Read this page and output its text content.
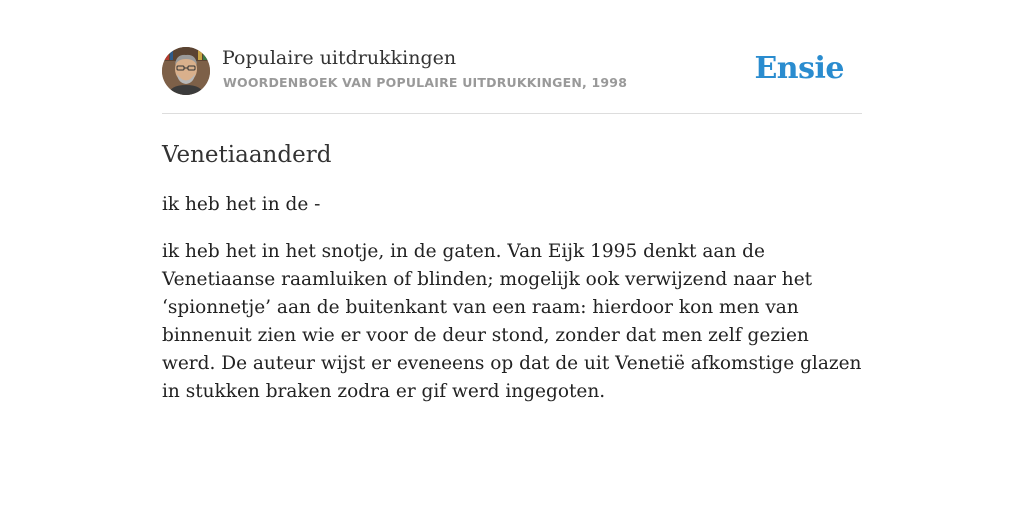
Populaire uitdrukkingen
WOORDENBOEK VAN POPULAIRE UITDRUKKINGEN, 1998	Ensie
Venetiaanderd

ik heb het in de -

ik heb het in het snotje, in de gaten. Van Eijk 1995 denkt aan de Venetiaanse raamluiken of blinden; mogelijk ook verwijzend naar het ‘spionnetje’ aan de buitenkant van een raam: hierdoor kon men van binnenuit zien wie er voor de deur stond, zonder dat men zelf gezien werd. De auteur wijst er eveneens op dat de uit Venetië afkomstige glazen in stukken braken zodra er gif werd ingegoten.
